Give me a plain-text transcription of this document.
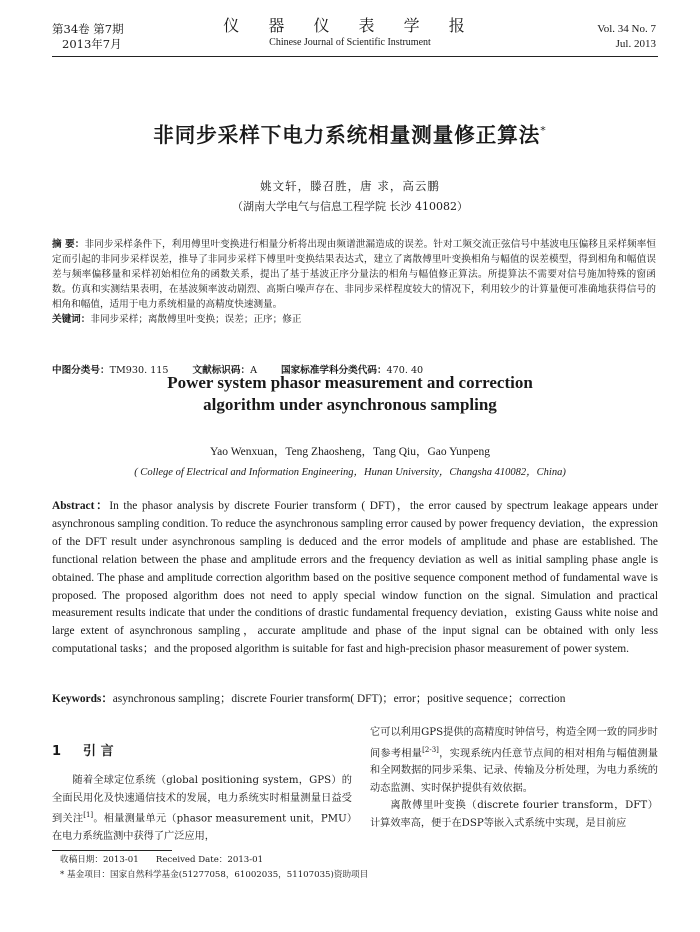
第34卷 第7期
2013年7月
仪 器 仪 表 学 报
Chinese Journal of Scientific Instrument
Vol. 34 No. 7
Jul. 2013
非同步采样下电力系统相量测量修正算法*
姚文轩，滕召胜，唐 求，高云鹏
（湖南大学电气与信息工程学院 长沙 410082）
摘 要：非同步采样条件下，利用傅里叶变换进行相量分析将出现由频谱泄漏造成的误差。针对工频交流正弦信号中基波电压偏移且采样频率恒定而引起的非同步采样误差，推导了非同步采样下傅里叶变换结果表达式，建立了离散傅里叶变换相角与幅值的误差模型，得到相角和幅值误差与频率偏移量和采样初始相位角的函数关系，提出了基于基波正序分量法的相角与幅值修正算法。所提算法不需要对信号施加特殊的窗函数。仿真和实测结果表明，在基波频率波动剧烈、高斯白噪声存在、非同步采样程度较大的情况下，利用较少的计算量便可准确地获得信号的相角和幅值，适用于电力系统相量的高精度快速测量。
关键词：非同步采样；离散傅里叶变换；误差；正序；修正
中图分类号：TM930. 115	文献标识码：A	国家标准学科分类代码：470. 40
Power system phasor measurement and correction algorithm under asynchronous sampling
Yao Wenxuan，Teng Zhaosheng，Tang Qiu，Gao Yunpeng
( College of Electrical and Information Engineering，Hunan University，Changsha 410082，China)
Abstract：In the phasor analysis by discrete Fourier transform ( DFT)，the error caused by spectrum leakage appears under asynchronous sampling condition. To reduce the asynchronous sampling error caused by power frequency deviation，the expression of the DFT result under asynchronous sampling is deduced and the error models of amplitude and phase are established. The functional relation between the phase and amplitude errors and the frequency deviation as well as initial sampling phase angle is obtained. The phase and amplitude correction algorithm based on the positive sequence component method of fundamental wave is proposed. The proposed algorithm does not need to apply special window function on the signal. Simulation and practical measurement results indicate that under the conditions of drastic fundamental frequency deviation，existing Gauss white noise and large extent of asynchronous sampling，accurate amplitude and phase of the input signal can be obtained with only less computational tasks；and the proposed algorithm is suitable for fast and high-precision phasor measurement of power system.
Keywords：asynchronous sampling；discrete Fourier transform( DFT)；error；positive sequence；correction
1 引 言
随着全球定位系统（global positioning system，GPS）的全面民用化及快速通信技术的发展，电力系统实时相量测量日益受到关注[1]。相量测量单元（phasor measurement unit，PMU）在电力系统监测中获得了广泛应用，
它可以利用GPS提供的高精度时钟信号，构造全网一致的同步时间参考相量[2-3]，实现系统内任意节点间的相对相角与幅值测量和全网数据的同步采集、记录、传输及分析处理，为电力系统的动态监测、实时保护提供有效依据。
离散傅里叶变换（discrete fourier transform，DFT）计算效率高，便于在DSP等嵌入式系统中实现，是目前应
收稿日期：2013-01　　Received Date：2013-01
* 基金项目：国家自然科学基金(51277058，61002035，51107035)资助项目
